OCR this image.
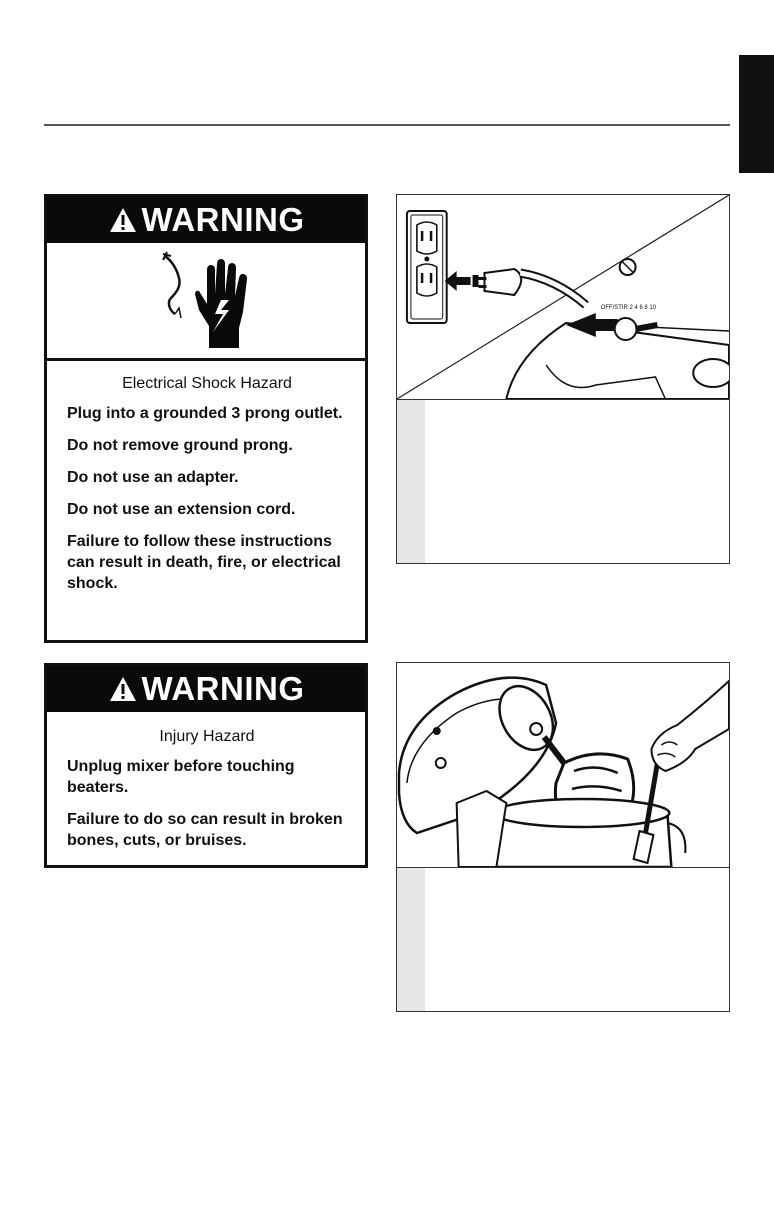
WARNING
Electrical Shock Hazard

Plug into a grounded 3 prong outlet.

Do not remove ground prong.

Do not use an adapter.

Do not use an extension cord.

Failure to follow these instructions can result in death, fire, or electrical shock.

WARNING
Injury Hazard

Unplug mixer before touching beaters.

Failure to do so can result in broken bones, cuts, or bruises.

OFF/STIR 2 4 6 8 10
